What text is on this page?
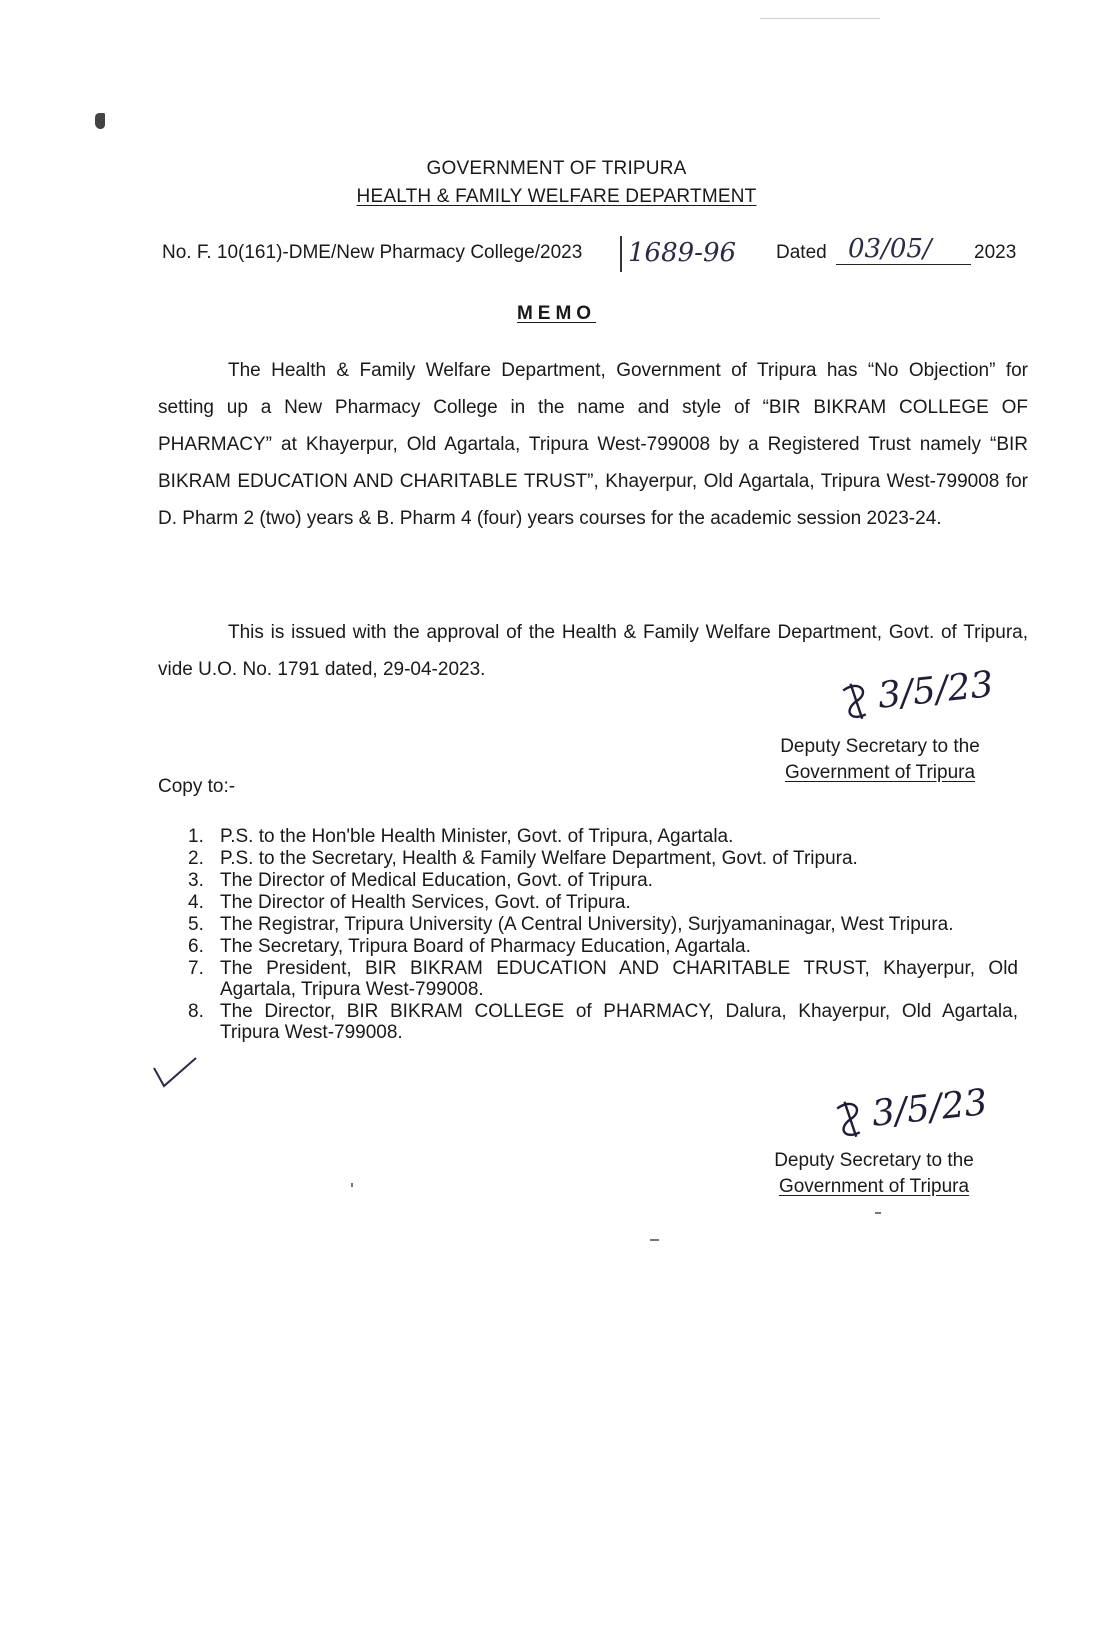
GOVERNMENT OF TRIPURA
HEALTH & FAMILY WELFARE DEPARTMENT
No. F. 10(161)-DME/New Pharmacy College/2023 1689-96 Dated 03/05/ 2023
MEMO
The Health & Family Welfare Department, Government of Tripura has “No Objection” for setting up a New Pharmacy College in the name and style of “BIR BIKRAM COLLEGE OF PHARMACY” at Khayerpur, Old Agartala, Tripura West-799008 by a Registered Trust namely “BIR BIKRAM EDUCATION AND CHARITABLE TRUST”, Khayerpur, Old Agartala, Tripura West-799008 for D. Pharm 2 (two) years & B. Pharm 4 (four) years courses for the academic session 2023-24.
This is issued with the approval of the Health & Family Welfare Department, Govt. of Tripura, vide U.O. No. 1791 dated, 29-04-2023.	3/5/23
Deputy Secretary to the
Government of Tripura
Copy to:-
1. P.S. to the Hon'ble Health Minister, Govt. of Tripura, Agartala.
2. P.S. to the Secretary, Health & Family Welfare Department, Govt. of Tripura.
3. The Director of Medical Education, Govt. of Tripura.
4. The Director of Health Services, Govt. of Tripura.
5. The Registrar, Tripura University (A Central University), Surjyamaninagar, West Tripura.
6. The Secretary, Tripura Board of Pharmacy Education, Agartala.
7. The President, BIR BIKRAM EDUCATION AND CHARITABLE TRUST, Khayerpur, Old Agartala, Tripura West-799008.
8. The Director, BIR BIKRAM COLLEGE of PHARMACY, Dalura, Khayerpur, Old Agartala, Tripura West-799008.
3/5/23
Deputy Secretary to the
Government of Tripura
